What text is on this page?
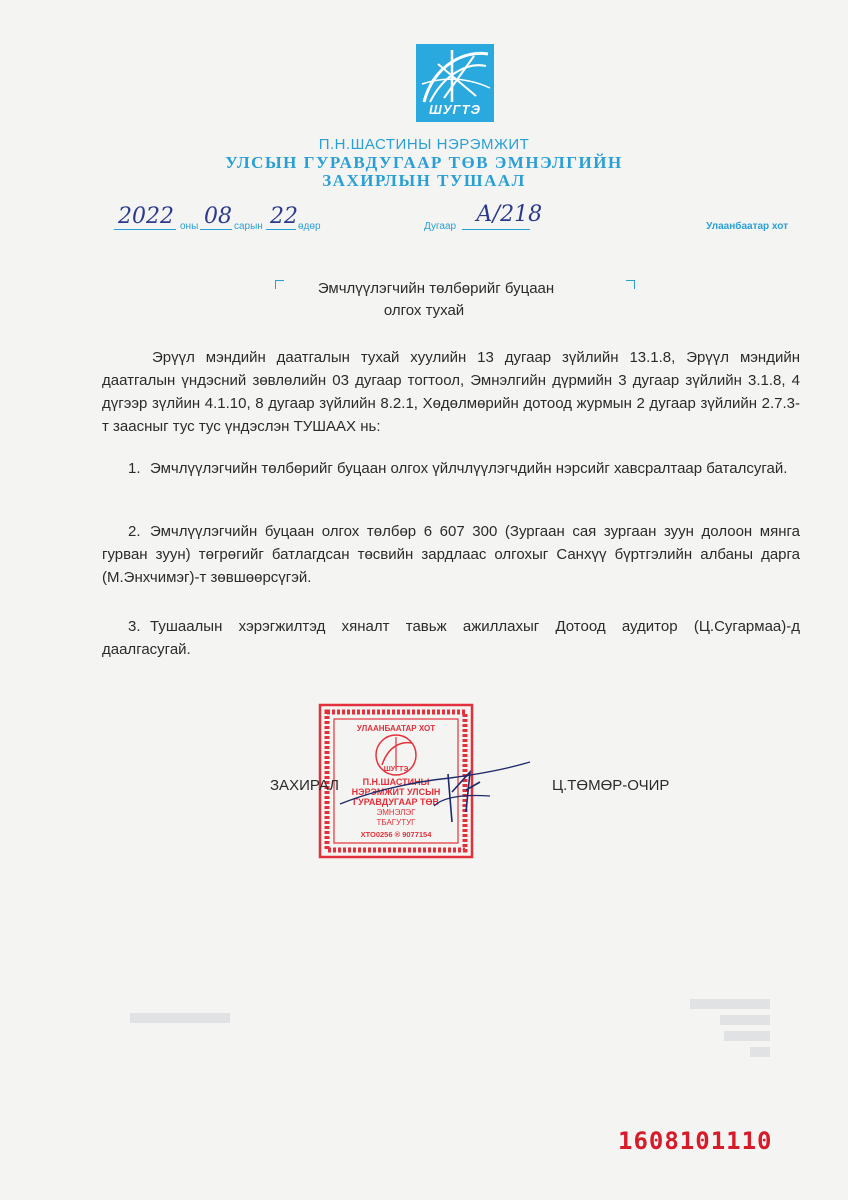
ШУГТЭ
П.Н.ШАСТИНЫ НЭРЭМЖИТ
УЛСЫН ГУРАВДУГААР ТӨВ ЭМНЭЛГИЙН
ЗАХИРЛЫН ТУШААЛ
2022 оны 08 сарын 22 өдөр	Дугаар А/218	Улаанбаатар хот
Эмчлүүлэгчийн төлбөрийг буцаан
олгох тухай
Эрүүл мэндийн даатгалын тухай хуулийн 13 дугаар зүйлийн 13.1.8, Эрүүл мэндийн даатгалын үндэсний зөвлөлийн 03 дугаар тогтоол, Эмнэлгийн дүрмийн 3 дугаар зүйлийн 3.1.8, 4 дүгээр зүлйин 4.1.10, 8 дугаар зүйлийн 8.2.1, Хөдөлмөрийн дотоод журмын 2 дугаар зүйлийн 2.7.3-т заасныг тус тус үндэслэн ТУШААХ нь:
1. Эмчлүүлэгчийн төлбөрийг буцаан олгох үйлчлүүлэгчдийн нэрсийг хавсралтаар баталсугай.
2. Эмчлүүлэгчийн буцаан олгох төлбөр 6 607 300 (Зургаан сая зургаан зуун долоон мянга гурван зуун) төгрөгийг батлагдсан төсвийн зардлаас олгохыг Санхүү бүртгэлийн албаны дарга (М.Энхчимэг)-т зөвшөөрсүгэй.
3. Тушаалын хэрэгжилтэд хяналт тавьж ажиллахыг Дотоод аудитор (Ц.Сугармаа)-д даалгасугай.
УЛААНБААТАР ХОТ
ШУГТЭ
П.Н.ШАСТИНЫ
НЭРЭМЖИТ УЛСЫН
ГУРАВДУГААР ТӨВ
ЭМНЭЛЭГ
ТБАГУТУГ
ХТО0256 ® 9077154
ЗАХИРАЛ	Ц.ТӨМӨР-ОЧИР
1608101110
